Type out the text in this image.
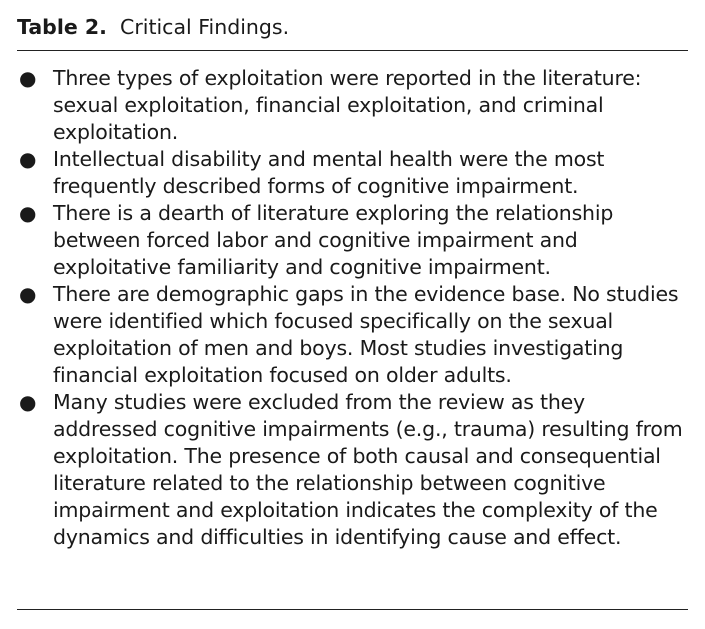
Table 2. Critical Findings.
● Three types of exploitation were reported in the literature:
sexual exploitation, financial exploitation, and criminal
exploitation.
● Intellectual disability and mental health were the most
frequently described forms of cognitive impairment.
● There is a dearth of literature exploring the relationship
between forced labor and cognitive impairment and
exploitative familiarity and cognitive impairment.
● There are demographic gaps in the evidence base. No studies
were identified which focused specifically on the sexual
exploitation of men and boys. Most studies investigating
financial exploitation focused on older adults.
● Many studies were excluded from the review as they
addressed cognitive impairments (e.g., trauma) resulting from
exploitation. The presence of both causal and consequential
literature related to the relationship between cognitive
impairment and exploitation indicates the complexity of the
dynamics and difficulties in identifying cause and effect.
